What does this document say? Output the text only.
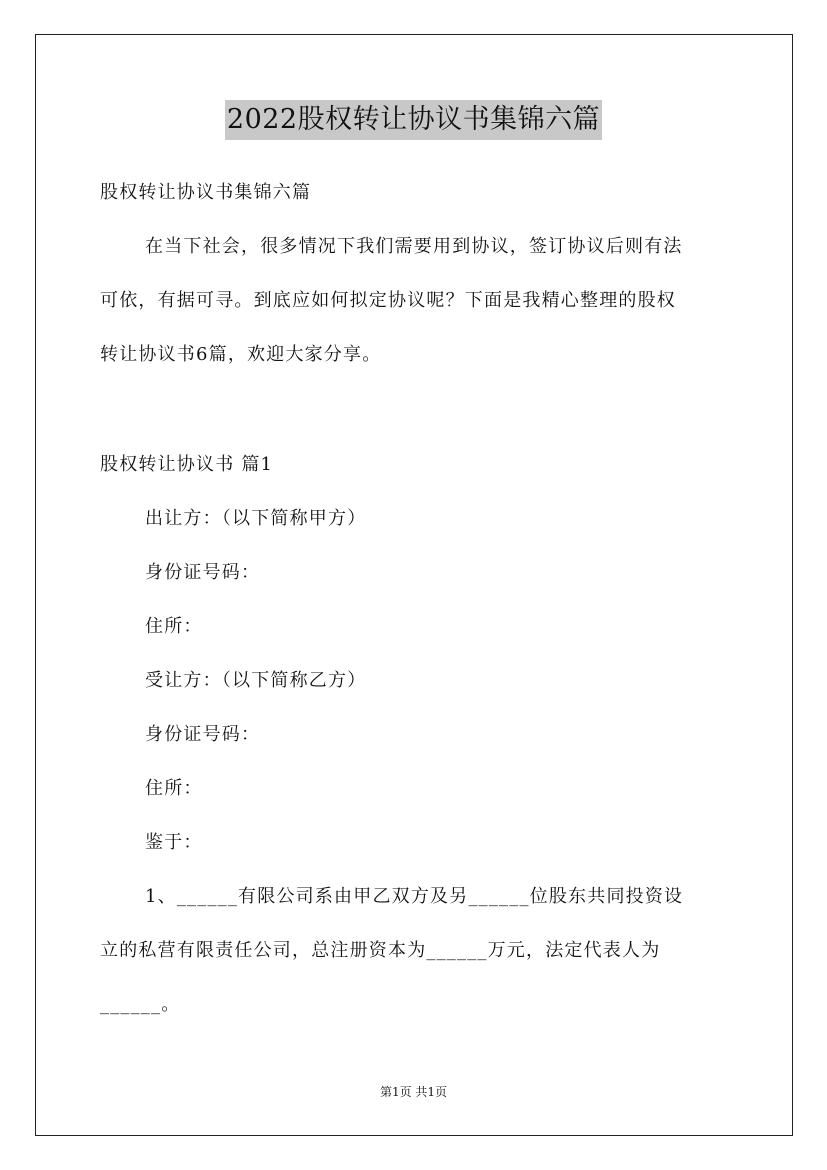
2022股权转让协议书集锦六篇
股权转让协议书集锦六篇
在当下社会，很多情况下我们需要用到协议，签订协议后则有法
可依，有据可寻。到底应如何拟定协议呢？下面是我精心整理的股权
转让协议书6篇，欢迎大家分享。
股权转让协议书 篇1
出让方：（以下简称甲方）
身份证号码：
住所：
受让方：（以下简称乙方）
身份证号码：
住所：
鉴于：
1、______有限公司系由甲乙双方及另______位股东共同投资设
立的私营有限责任公司，总注册资本为______万元，法定代表人为
______。
第1页 共1页
